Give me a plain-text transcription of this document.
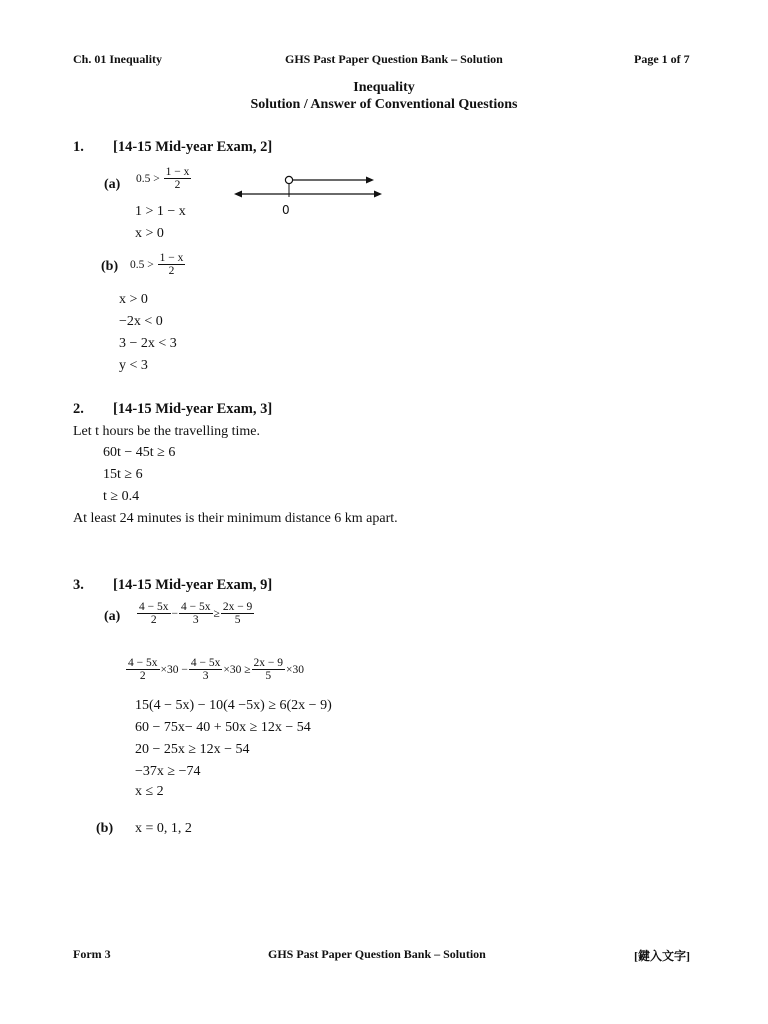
Ch. 01 Inequality	GHS Past Paper Question Bank – Solution	Page 1 of 7
Inequality
Solution / Answer of Conventional Questions
1. [14-15 Mid-year Exam, 2]
(a) $0.5 > \frac{1 - x}{2}$
0
1 > 1 − x
x > 0
(b) $0.5 > \frac{1 - x}{2}$
x > 0
−2x < 0
3 − 2x < 3
y < 3
2. [14-15 Mid-year Exam, 3]
Let t hours be the travelling time.
60t − 45t ≥ 6
15t ≥ 6
t ≥ 0.4
At least 24 minutes is their minimum distance 6 km apart.
3. [14-15 Mid-year Exam, 9]
$(a) \frac{4 - 5x}{2} - \frac{4 - 5x}{3} \ge \frac{2x - 9}{5}$
$\frac{4 - 5x}{2} \times 30 - \frac{4 - 5x}{3} \times 30 \ge \frac{2x - 9}{5} \times 30$
15(4 − 5x) − 10(4 −5x) ≥ 6(2x − 9)
60 − 75x− 40 + 50x ≥ 12x − 54
20 − 25x ≥ 12x − 54
−37x ≥ −74
x ≤ 2
(b) x = 0, 1, 2
Form 3	GHS Past Paper Question Bank – Solution	[鍵入文字]
